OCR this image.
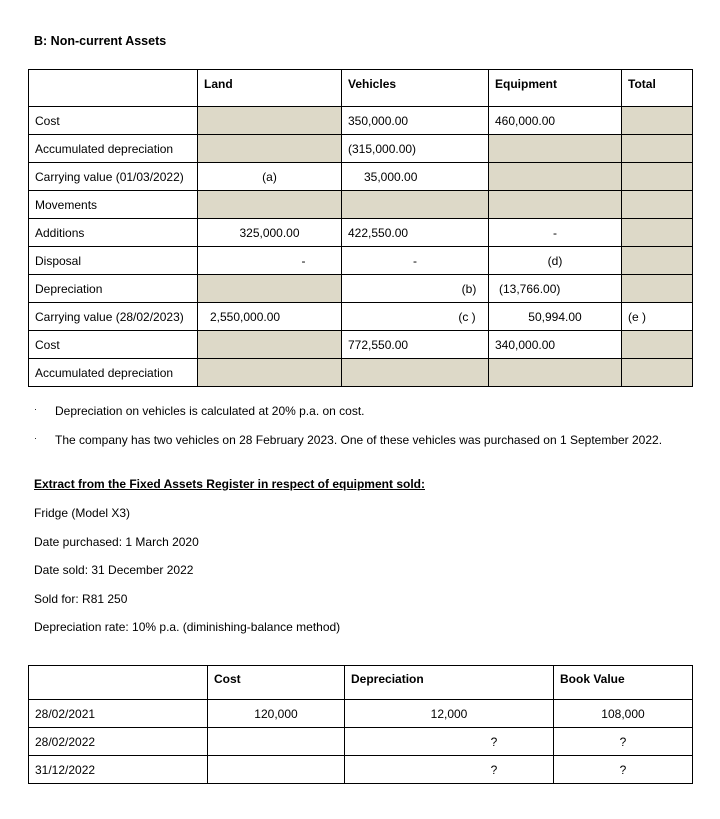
B: Non-current Assets
	Land	Vehicles	Equipment	Total
Cost		350,000.00	460,000.00	
Accumulated depreciation		(315,000.00)		
Carrying value (01/03/2022)	(a)	35,000.00		
Movements				
Additions	325,000.00	422,550.00	-	
Disposal	-	-	(d)	
Depreciation		(b)	(13,766.00)	
Carrying value (28/02/2023)	2,550,000.00	(c )	50,994.00	(e )
Cost		772,550.00	340,000.00	
Accumulated depreciation				
· Depreciation on vehicles is calculated at 20% p.a. on cost.
· The company has two vehicles on 28 February 2023. One of these vehicles was purchased on 1 September 2022.
Extract from the Fixed Assets Register in respect of equipment sold:
Fridge (Model X3)
Date purchased: 1 March 2020
Date sold: 31 December 2022
Sold for: R81 250
Depreciation rate: 10% p.a. (diminishing-balance method)
	Cost	Depreciation	Book Value
28/02/2021	120,000	12,000	108,000
28/02/2022		?	?
31/12/2022		?	?
